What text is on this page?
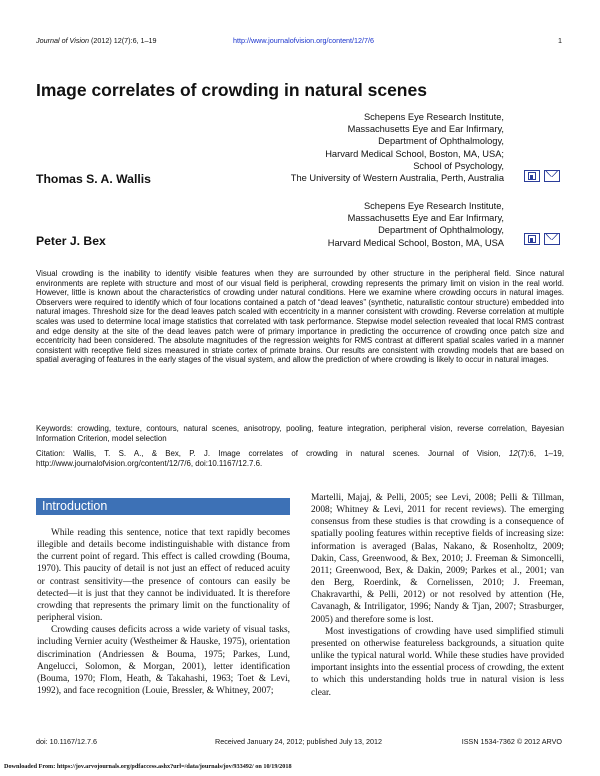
Journal of Vision (2012) 12(7):6, 1–19	http://www.journalofvision.org/content/12/7/6	1
Image correlates of crowding in natural scenes
Schepens Eye Research Institute,
Massachusetts Eye and Ear Infirmary,
Department of Ophthalmology,
Harvard Medical School, Boston, MA, USA;
School of Psychology,
The University of Western Australia, Perth, Australia
Thomas S. A. Wallis
Schepens Eye Research Institute,
Massachusetts Eye and Ear Infirmary,
Department of Ophthalmology,
Harvard Medical School, Boston, MA, USA
Peter J. Bex

Visual crowding is the inability to identify visible features when they are surrounded by other structure in the peripheral field. Since natural environments are replete with structure and most of our visual field is peripheral, crowding represents the primary limit on vision in the real world. However, little is known about the characteristics of crowding under natural conditions. Here we examine where crowding occurs in natural images. Observers were required to identify which of four locations contained a patch of “dead leaves” (synthetic, naturalistic contour structure) embedded into natural images. Threshold size for the dead leaves patch scaled with eccentricity in a manner consistent with crowding. Reverse correlation at multiple scales was used to determine local image statistics that correlated with task performance. Stepwise model selection revealed that local RMS contrast and edge density at the site of the dead leaves patch were of primary importance in predicting the occurrence of crowding once patch size and eccentricity had been considered. The absolute magnitudes of the regression weights for RMS contrast at different spatial scales varied in a manner consistent with receptive field sizes measured in striate cortex of primate brains. Our results are consistent with crowding models that are based on spatial averaging of features in the early stages of the visual system, and allow the prediction of where crowding is likely to occur in natural images.

Keywords: crowding, texture, contours, natural scenes, anisotropy, pooling, feature integration, peripheral vision, reverse correlation, Bayesian Information Criterion, model selection

Citation: Wallis, T. S. A., & Bex, P. J. Image correlates of crowding in natural scenes. Journal of Vision, 12(7):6, 1–19, http://www.journalofvision.org/content/12/7/6, doi:10.1167/12.7.6.

Introduction

While reading this sentence, notice that text rapidly becomes illegible and details become indistinguishable with distance from the current point of regard. This effect is called crowding (Bouma, 1970). This paucity of detail is not just an effect of reduced acuity or contrast sensitivity—the presence of contours can easily be detected—it is just that they cannot be individuated. It is therefore crowding that represents the primary limit on the functionality of peripheral vision.

Crowding causes deficits across a wide variety of visual tasks, including Vernier acuity (Westheimer & Hauske, 1975), orientation discrimination (Andriessen & Bouma, 1975; Parkes, Lund, Angelucci, Solomon, & Morgan, 2001), letter identification (Bouma, 1970; Flom, Heath, & Takahashi, 1963; Toet & Levi, 1992), and face recognition (Louie, Bressler, & Whitney, 2007;

Martelli, Majaj, & Pelli, 2005; see Levi, 2008; Pelli & Tillman, 2008; Whitney & Levi, 2011 for recent reviews). The emerging consensus from these studies is that crowding is a consequence of spatially pooling features within receptive fields of increasing size: information is averaged (Balas, Nakano, & Rosenholtz, 2009; Dakin, Cass, Greenwood, & Bex, 2010; J. Freeman & Simoncelli, 2011; Greenwood, Bex, & Dakin, 2009; Parkes et al., 2001; van den Berg, Roerdink, & Cornelissen, 2010; J. Freeman, Chakravarthi, & Pelli, 2012) or not resolved by attention (He, Cavanagh, & Intriligator, 1996; Nandy & Tjan, 2007; Strasburger, 2005) and therefore some is lost.

Most investigations of crowding have used simplified stimuli presented on otherwise featureless backgrounds, a situation quite unlike the typical natural world. While these studies have provided important insights into the essential process of crowding, the extent to which this understanding holds true in natural vision is less clear.

doi: 10.1167/12.7.6	Received January 24, 2012; published July 13, 2012	ISSN 1534-7362 © 2012 ARVO
Downloaded From: https://jov.arvojournals.org/pdfaccess.ashx?url=/data/journals/jov/933492/ on 10/19/2018
